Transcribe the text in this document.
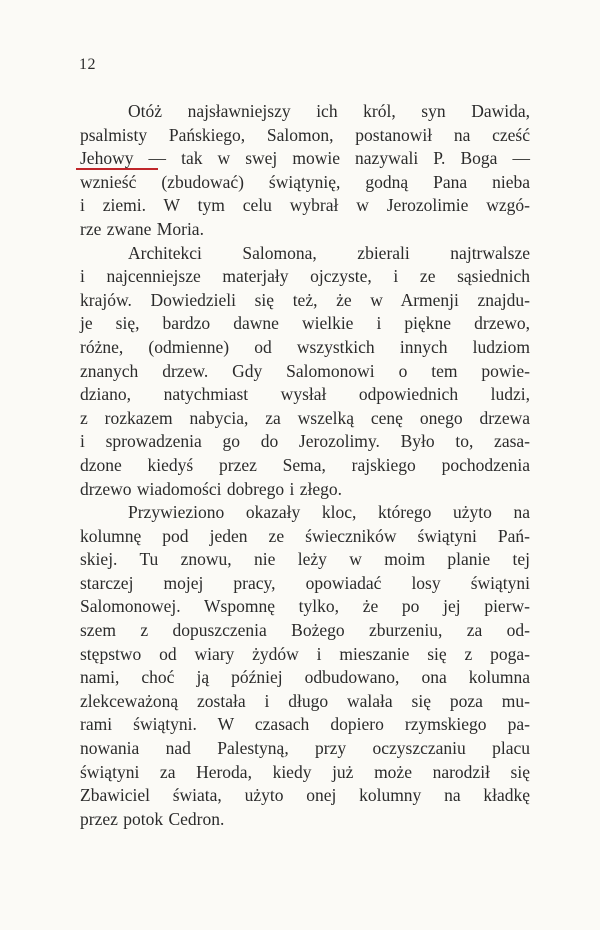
12
Otóż najsławniejszy ich król, syn Dawida,
psalmisty Pańskiego, Salomon, postanowił na cześć
Jehowy — tak w swej mowie nazywali P. Boga —
wznieść (zbudować) świątynię, godną Pana nieba
i ziemi. W tym celu wybrał w Jerozolimie wzgó-
rze zwane Moria.
Architekci Salomona, zbierali najtrwalsze
i najcenniejsze materjały ojczyste, i ze sąsiednich
krajów. Dowiedzieli się też, że w Armenji znajdu-
je się, bardzo dawne wielkie i piękne drzewo,
różne, (odmienne) od wszystkich innych ludziom
znanych drzew. Gdy Salomonowi o tem powie-
dziano, natychmiast wysłał odpowiednich ludzi,
z rozkazem nabycia, za wszelką cenę onego drzewa
i sprowadzenia go do Jerozolimy. Było to, zasa-
dzone kiedyś przez Sema, rajskiego pochodzenia
drzewo wiadomości dobrego i złego.
Przywieziono okazały kloc, którego użyto na
kolumnę pod jeden ze świeczników świątyni Pań-
skiej. Tu znowu, nie leży w moim planie tej
starczej mojej pracy, opowiadać losy świątyni
Salomonowej. Wspomnę tylko, że po jej pierw-
szem z dopuszczenia Bożego zburzeniu, za od-
stępstwo od wiary żydów i mieszanie się z poga-
nami, choć ją później odbudowano, ona kolumna
zlekceważoną została i długo walała się poza mu-
rami świątyni. W czasach dopiero rzymskiego pa-
nowania nad Palestyną, przy oczyszczaniu placu
świątyni za Heroda, kiedy już może narodził się
Zbawiciel świata, użyto onej kolumny na kładkę
przez potok Cedron.
